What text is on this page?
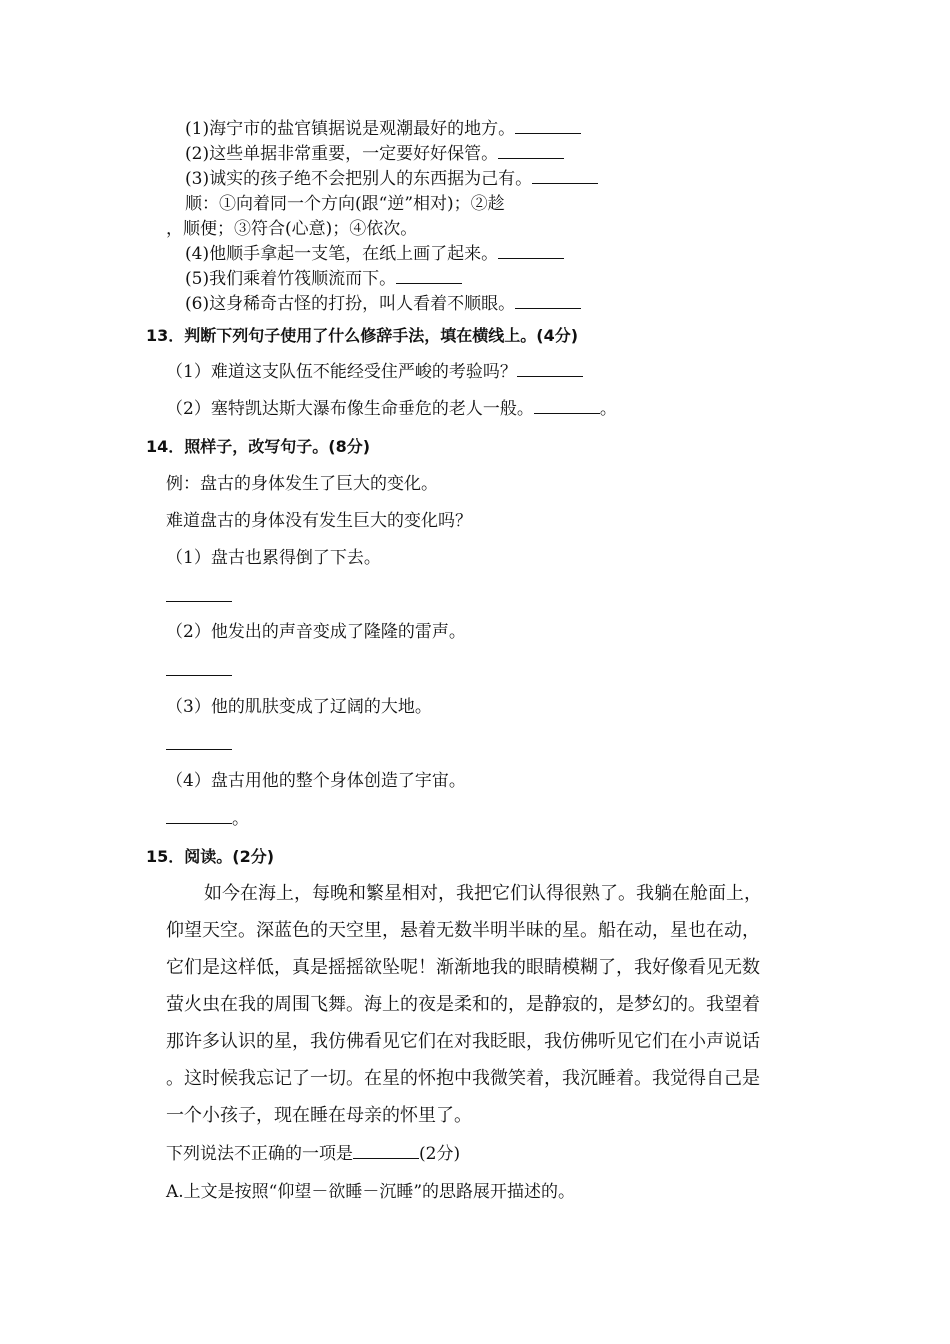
(1)海宁市的盐官镇据说是观潮最好的地方。
(2)这些单据非常重要，一定要好好保管。
(3)诚实的孩子绝不会把别人的东西据为己有。
顺：①向着同一个方向(跟“逆”相对)；②趁
，顺便；③符合(心意)；④依次。
(4)他顺手拿起一支笔，在纸上画了起来。
(5)我们乘着竹筏顺流而下。
(6)这身稀奇古怪的打扮，叫人看着不顺眼。
13．判断下列句子使用了什么修辞手法，填在横线上。(4分)
（1）难道这支队伍不能经受住严峻的考验吗？
（2）塞特凯达斯大瀑布像生命垂危的老人一般。	。
14．照样子，改写句子。(8分)
例：盘古的身体发生了巨大的变化。
难道盘古的身体没有发生巨大的变化吗？
（1）盘古也累得倒了下去。
（2）他发出的声音变成了隆隆的雷声。
（3）他的肌肤变成了辽阔的大地。
（4）盘古用他的整个身体创造了宇宙。
。
15．阅读。(2分)
如今在海上，每晚和繁星相对，我把它们认得很熟了。我躺在舱面上，
仰望天空。深蓝色的天空里，悬着无数半明半昧的星。船在动，星也在动，
它们是这样低，真是摇摇欲坠呢！渐渐地我的眼睛模糊了，我好像看见无数
萤火虫在我的周围飞舞。海上的夜是柔和的，是静寂的，是梦幻的。我望着
那许多认识的星，我仿佛看见它们在对我眨眼，我仿佛听见它们在小声说话
。这时候我忘记了一切。在星的怀抱中我微笑着，我沉睡着。我觉得自己是
一个小孩子，现在睡在母亲的怀里了。
下列说法不正确的一项是	(2分)
A.上文是按照“仰望－欲睡－沉睡”的思路展开描述的。
